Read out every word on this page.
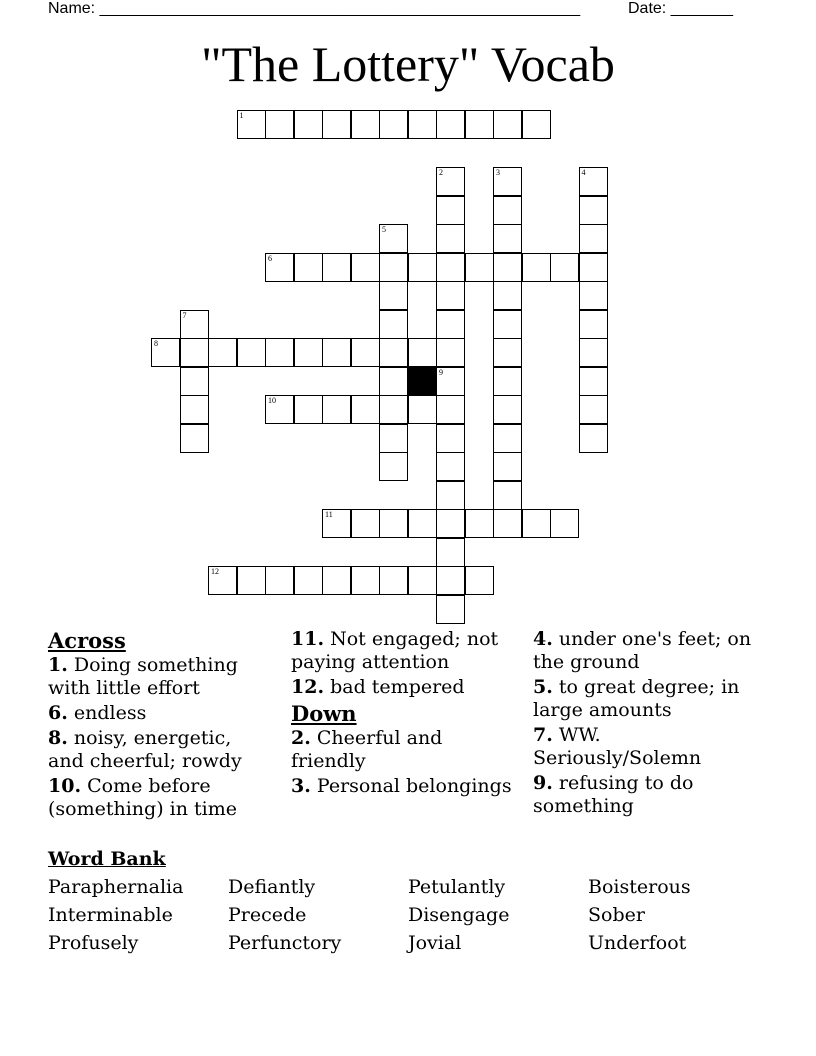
Name: ______________________________________________________	Date: _______
"The Lottery" Vocab
1
6
8
10
11
12
2	3	4
5
7
9
Across
1. Doing something with little effort
6. endless
8. noisy, energetic, and cheerful; rowdy
10. Come before (something) in time
11. Not engaged; not paying attention
12. bad tempered
Down
2. Cheerful and friendly
3. Personal belongings
4. under one's feet; on the ground
5. to great degree; in large amounts
7. WW. Seriously/Solemn
9. refusing to do something
Word Bank
Paraphernalia	Defiantly	Petulantly	Boisterous
Interminable	Precede	Disengage	Sober
Profusely	Perfunctory	Jovial	Underfoot
